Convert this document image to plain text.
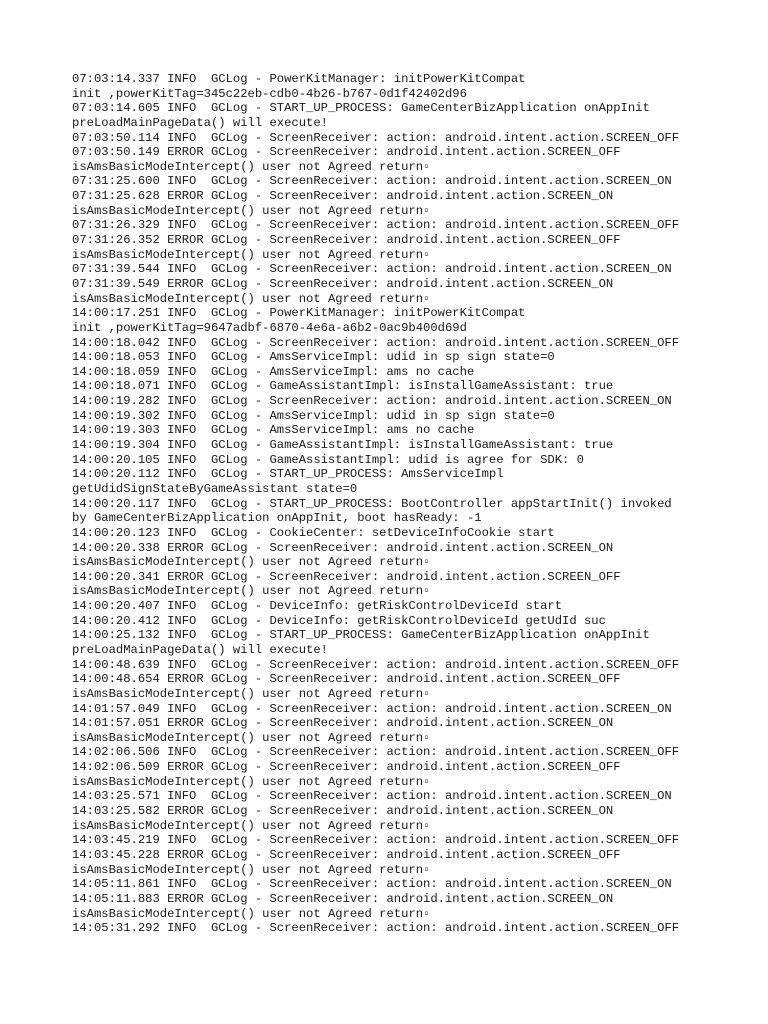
07:03:14.337 INFO  GCLog - PowerKitManager: initPowerKitCompat
init ,powerKitTag=345c22eb-cdb0-4b26-b767-0d1f42402d96
07:03:14.605 INFO  GCLog - START_UP_PROCESS: GameCenterBizApplication onAppInit
preLoadMainPageData() will execute!
07:03:50.114 INFO  GCLog - ScreenReceiver: action: android.intent.action.SCREEN_OFF
07:03:50.149 ERROR GCLog - ScreenReceiver: android.intent.action.SCREEN_OFF
isAmsBasicModeIntercept() user not Agreed return▫
07:31:25.600 INFO  GCLog - ScreenReceiver: action: android.intent.action.SCREEN_ON
07:31:25.628 ERROR GCLog - ScreenReceiver: android.intent.action.SCREEN_ON
isAmsBasicModeIntercept() user not Agreed return▫
07:31:26.329 INFO  GCLog - ScreenReceiver: action: android.intent.action.SCREEN_OFF
07:31:26.352 ERROR GCLog - ScreenReceiver: android.intent.action.SCREEN_OFF
isAmsBasicModeIntercept() user not Agreed return▫
07:31:39.544 INFO  GCLog - ScreenReceiver: action: android.intent.action.SCREEN_ON
07:31:39.549 ERROR GCLog - ScreenReceiver: android.intent.action.SCREEN_ON
isAmsBasicModeIntercept() user not Agreed return▫
14:00:17.251 INFO  GCLog - PowerKitManager: initPowerKitCompat
init ,powerKitTag=9647adbf-6870-4e6a-a6b2-0ac9b400d69d
14:00:18.042 INFO  GCLog - ScreenReceiver: action: android.intent.action.SCREEN_OFF
14:00:18.053 INFO  GCLog - AmsServiceImpl: udid in sp sign state=0
14:00:18.059 INFO  GCLog - AmsServiceImpl: ams no cache
14:00:18.071 INFO  GCLog - GameAssistantImpl: isInstallGameAssistant: true
14:00:19.282 INFO  GCLog - ScreenReceiver: action: android.intent.action.SCREEN_ON
14:00:19.302 INFO  GCLog - AmsServiceImpl: udid in sp sign state=0
14:00:19.303 INFO  GCLog - AmsServiceImpl: ams no cache
14:00:19.304 INFO  GCLog - GameAssistantImpl: isInstallGameAssistant: true
14:00:20.105 INFO  GCLog - GameAssistantImpl: udid is agree for SDK: 0
14:00:20.112 INFO  GCLog - START_UP_PROCESS: AmsServiceImpl
getUdidSignStateByGameAssistant state=0
14:00:20.117 INFO  GCLog - START_UP_PROCESS: BootController appStartInit() invoked
by GameCenterBizApplication onAppInit, boot hasReady: -1
14:00:20.123 INFO  GCLog - CookieCenter: setDeviceInfoCookie start
14:00:20.338 ERROR GCLog - ScreenReceiver: android.intent.action.SCREEN_ON
isAmsBasicModeIntercept() user not Agreed return▫
14:00:20.341 ERROR GCLog - ScreenReceiver: android.intent.action.SCREEN_OFF
isAmsBasicModeIntercept() user not Agreed return▫
14:00:20.407 INFO  GCLog - DeviceInfo: getRiskControlDeviceId start
14:00:20.412 INFO  GCLog - DeviceInfo: getRiskControlDeviceId getUdId suc
14:00:25.132 INFO  GCLog - START_UP_PROCESS: GameCenterBizApplication onAppInit
preLoadMainPageData() will execute!
14:00:48.639 INFO  GCLog - ScreenReceiver: action: android.intent.action.SCREEN_OFF
14:00:48.654 ERROR GCLog - ScreenReceiver: android.intent.action.SCREEN_OFF
isAmsBasicModeIntercept() user not Agreed return▫
14:01:57.049 INFO  GCLog - ScreenReceiver: action: android.intent.action.SCREEN_ON
14:01:57.051 ERROR GCLog - ScreenReceiver: android.intent.action.SCREEN_ON
isAmsBasicModeIntercept() user not Agreed return▫
14:02:06.506 INFO  GCLog - ScreenReceiver: action: android.intent.action.SCREEN_OFF
14:02:06.509 ERROR GCLog - ScreenReceiver: android.intent.action.SCREEN_OFF
isAmsBasicModeIntercept() user not Agreed return▫
14:03:25.571 INFO  GCLog - ScreenReceiver: action: android.intent.action.SCREEN_ON
14:03:25.582 ERROR GCLog - ScreenReceiver: android.intent.action.SCREEN_ON
isAmsBasicModeIntercept() user not Agreed return▫
14:03:45.219 INFO  GCLog - ScreenReceiver: action: android.intent.action.SCREEN_OFF
14:03:45.228 ERROR GCLog - ScreenReceiver: android.intent.action.SCREEN_OFF
isAmsBasicModeIntercept() user not Agreed return▫
14:05:11.861 INFO  GCLog - ScreenReceiver: action: android.intent.action.SCREEN_ON
14:05:11.883 ERROR GCLog - ScreenReceiver: android.intent.action.SCREEN_ON
isAmsBasicModeIntercept() user not Agreed return▫
14:05:31.292 INFO  GCLog - ScreenReceiver: action: android.intent.action.SCREEN_OFF
